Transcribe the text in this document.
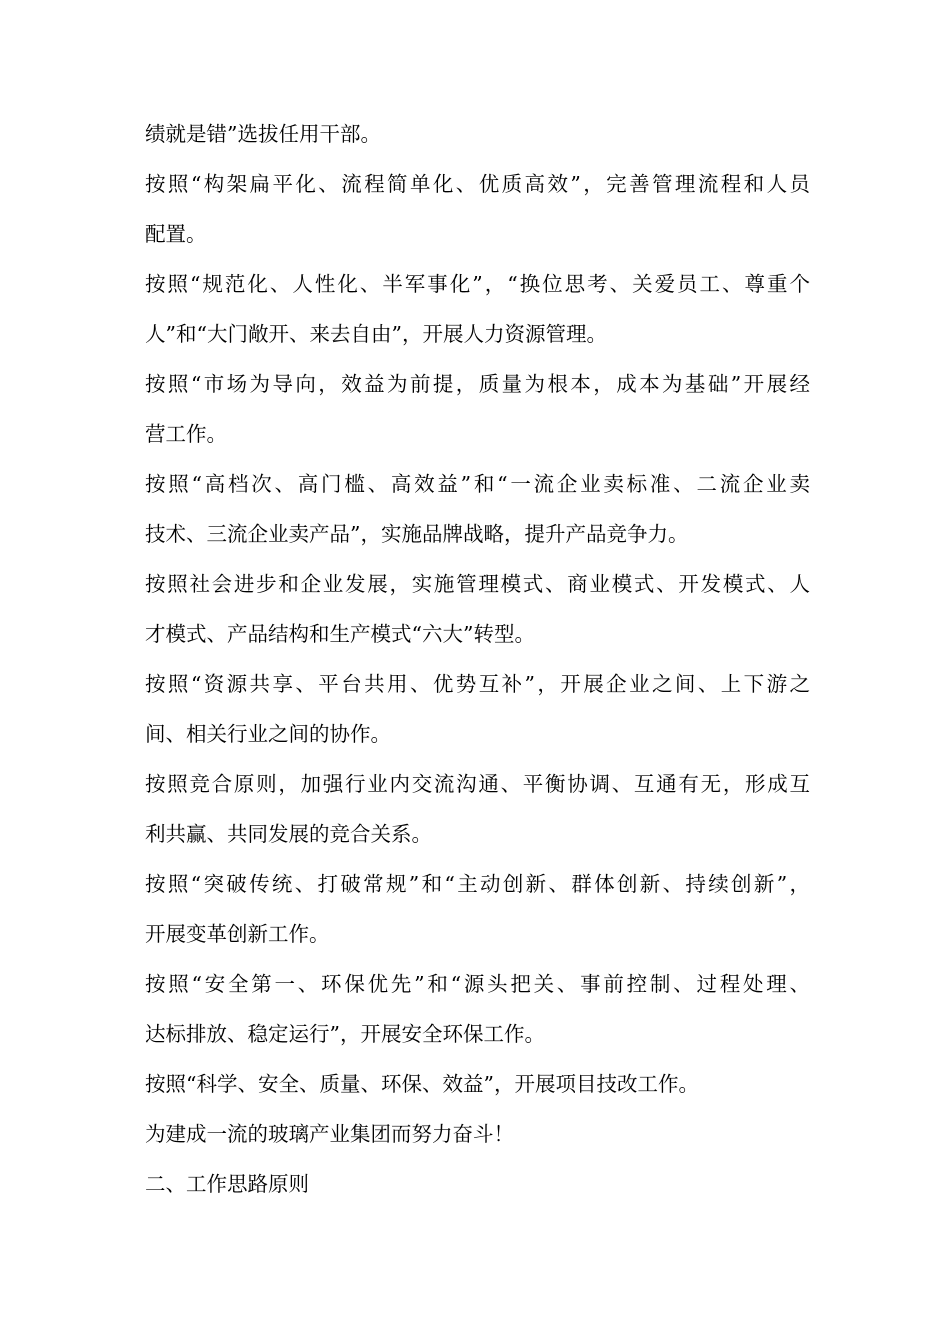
绩就是错”选拔任用干部。

按照“构架扁平化、流程简单化、优质高效”，完善管理流程和人员
配置。

按照“规范化、人性化、半军事化”，“换位思考、关爱员工、尊重个
人”和“大门敞开、来去自由”，开展人力资源管理。

按照“市场为导向，效益为前提，质量为根本，成本为基础”开展经
营工作。

按照“高档次、高门槛、高效益”和“一流企业卖标准、二流企业卖
技术、三流企业卖产品”，实施品牌战略，提升产品竞争力。

按照社会进步和企业发展，实施管理模式、商业模式、开发模式、人
才模式、产品结构和生产模式“六大”转型。

按照“资源共享、平台共用、优势互补”，开展企业之间、上下游之
间、相关行业之间的协作。

按照竞合原则，加强行业内交流沟通、平衡协调、互通有无，形成互
利共赢、共同发展的竞合关系。

按照“突破传统、打破常规”和“主动创新、群体创新、持续创新”，
开展变革创新工作。

按照“安全第一、环保优先”和“源头把关、事前控制、过程处理、
达标排放、稳定运行”，开展安全环保工作。

按照“科学、安全、质量、环保、效益”，开展项目技改工作。

为建成一流的玻璃产业集团而努力奋斗！

二、工作思路原则
